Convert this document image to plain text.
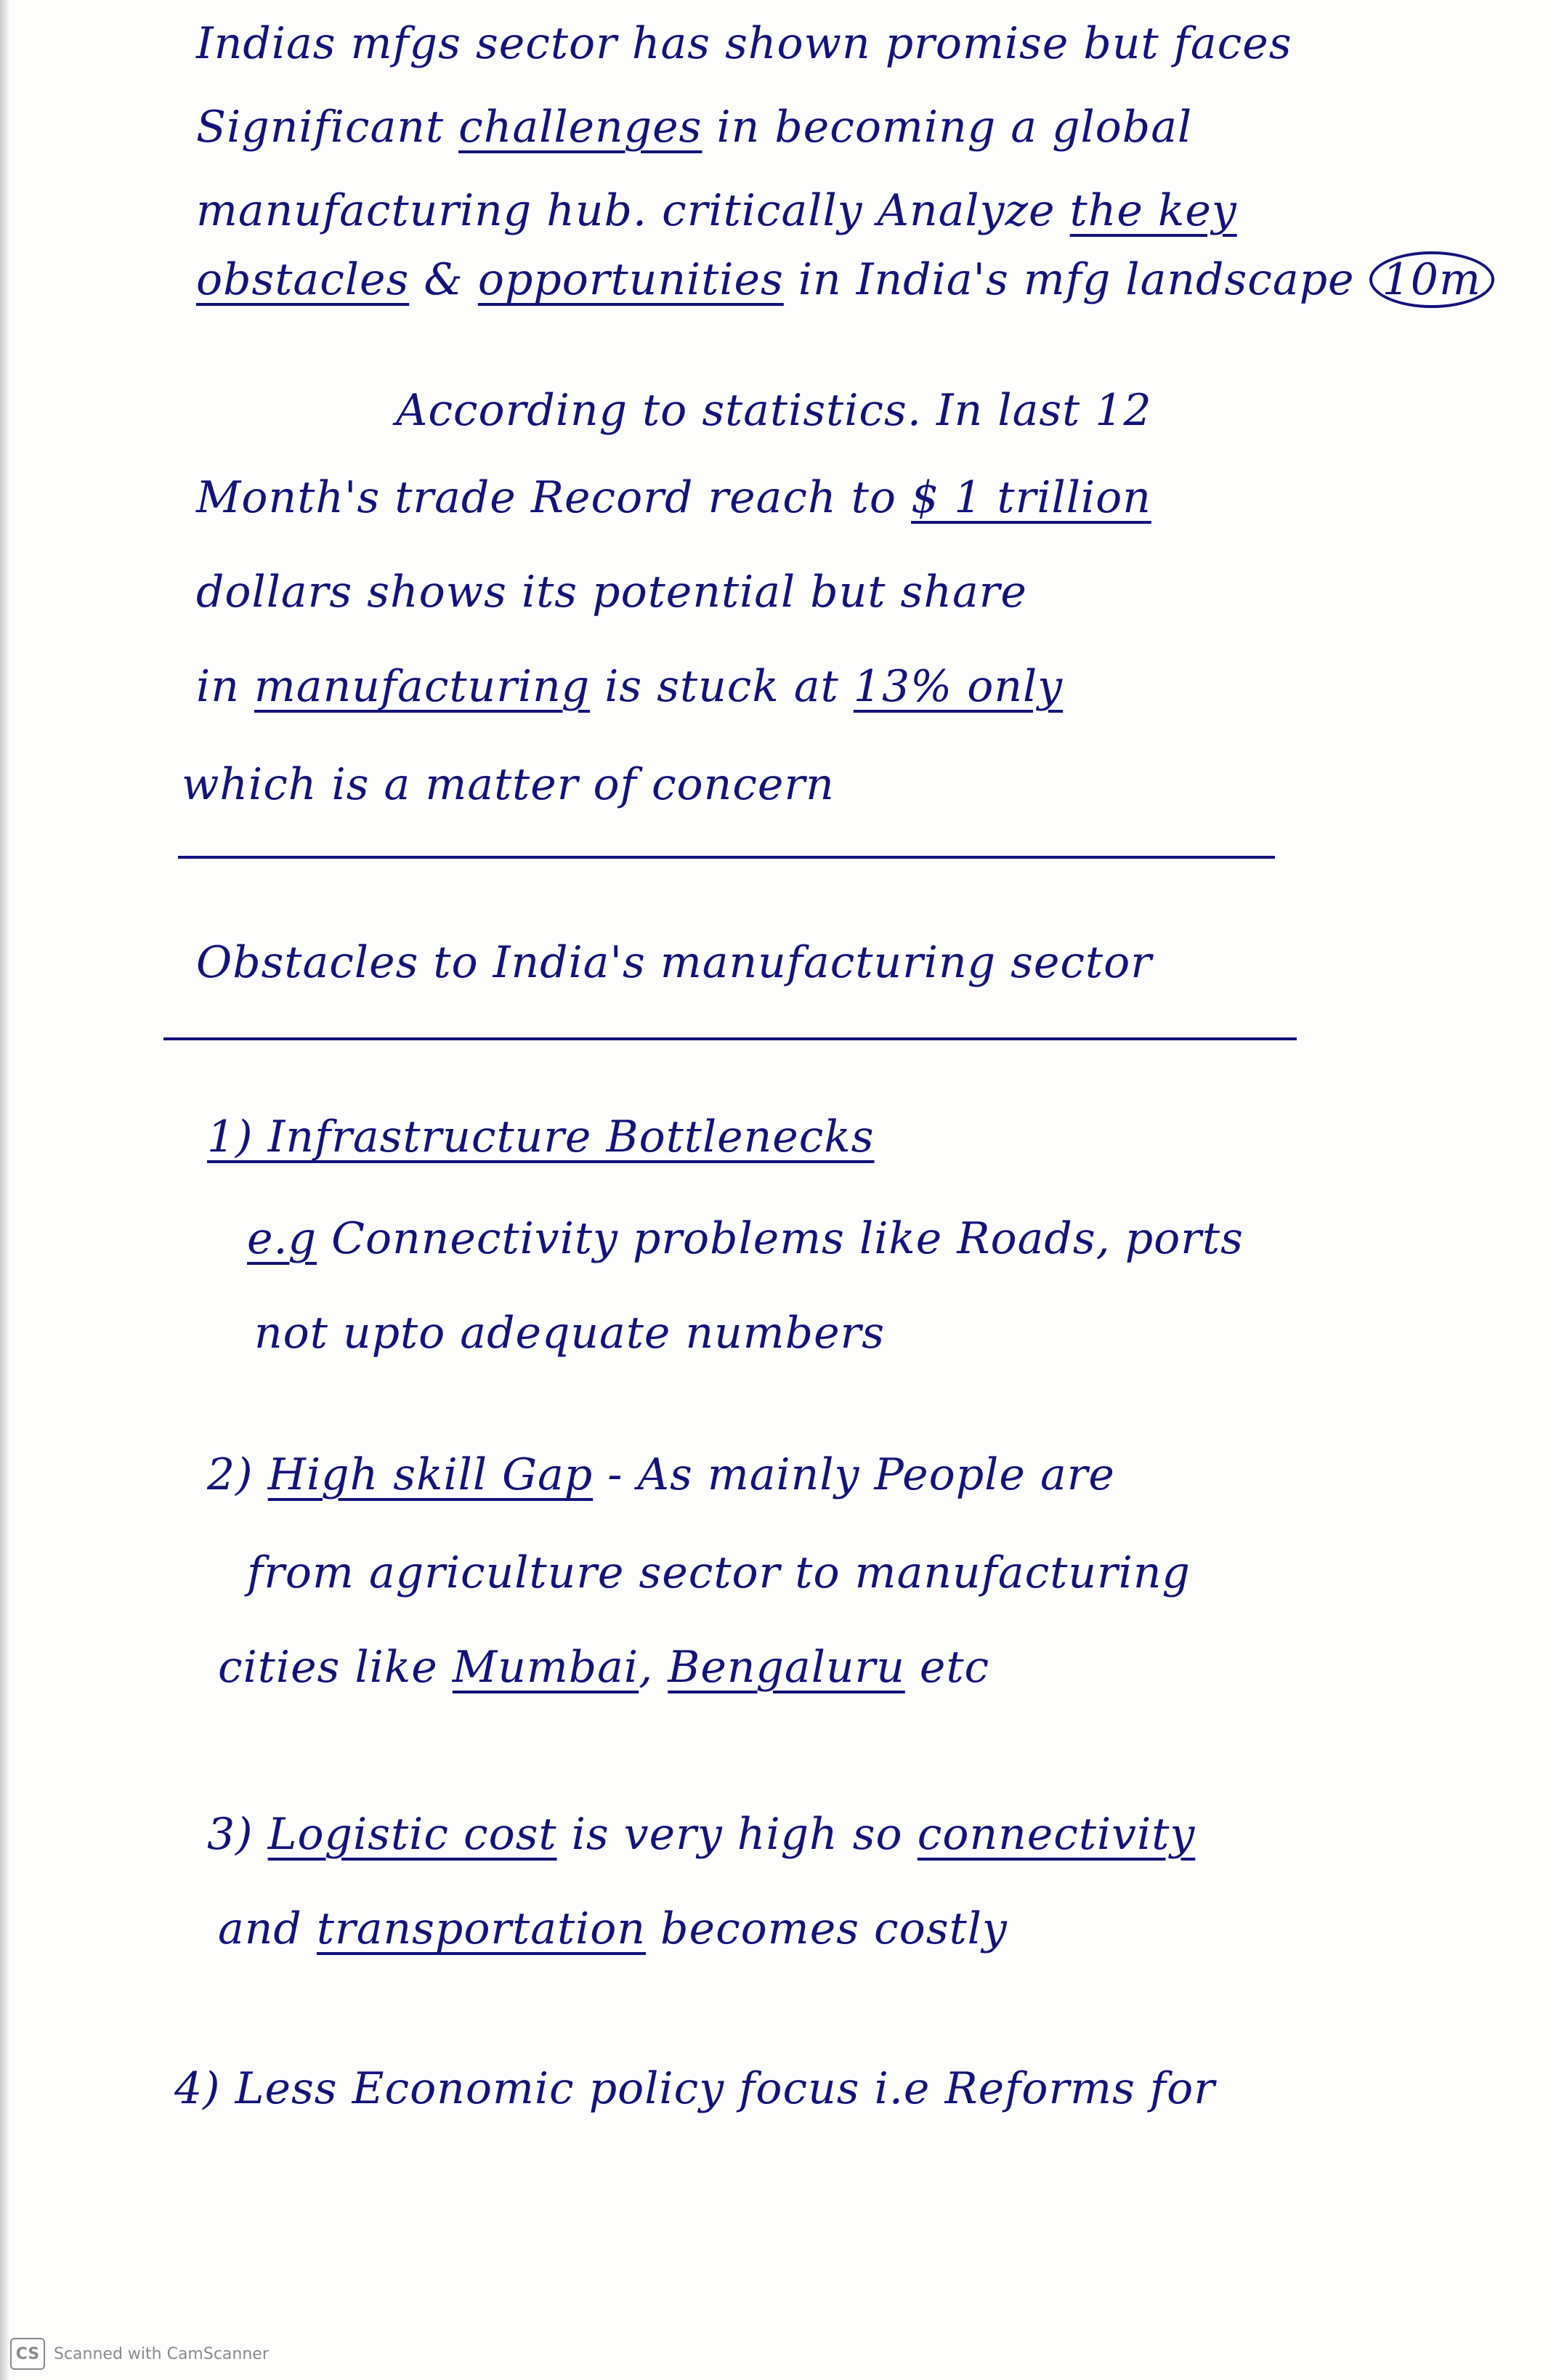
Indias mfgs sector has shown promise but faces
Significant challenges in becoming a global
manufacturing hub. critically Analyze the key
obstacles & opportunities in India's mfg landscape 10m
According to statistics. In last 12
Month's trade Record reach to $ 1 trillion
dollars shows its potential but share
in manufacturing is stuck at 13% only
which is a matter of concern
Obstacles to India's manufacturing sector
1) Infrastructure Bottlenecks
e.g Connectivity problems like Roads, ports
not upto adequate numbers
2) High skill Gap - As mainly People are
from agriculture sector to manufacturing
cities like Mumbai, Bengaluru etc
3) Logistic cost is very high so connectivity
and transportation becomes costly
4) Less Economic policy focus i.e Reforms for
CS Scanned with CamScanner
